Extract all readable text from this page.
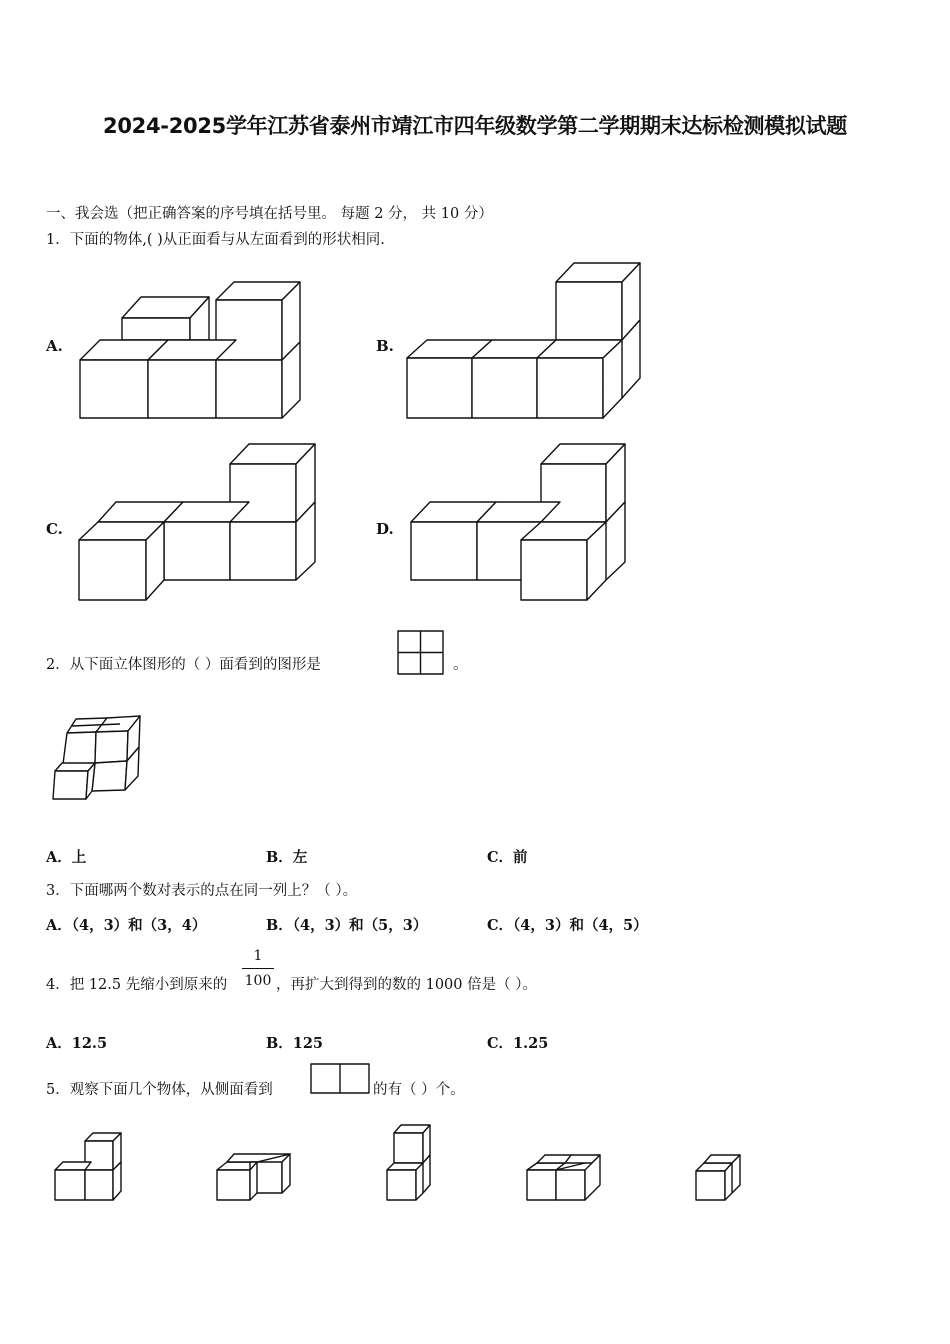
2024-2025学年江苏省泰州市靖江市四年级数学第二学期期末达标检测模拟试题
一、我会选（把正确答案的序号填在括号里。 每题 2 分， 共 10 分）
1．下面的物体,( )从正面看与从左面看到的形状相同.
A.	B.
C.	D.
2．从下面立体图形的（ ）面看到的图形是	。
A．上	B．左	C．前
3．下面哪两个数对表示的点在同一列上？（ ）。
A．（4，3）和（3，4）	B．（4，3）和（5，3）	C．（4，3）和（4，5）
4．把 12.5 先缩小到原来的 $\frac{1}{100}$ ，再扩大到得到的数的 1000 倍是（ ）。
A．12.5	B．125	C．1.25
5．观察下面几个物体，从侧面看到	的有（ ）个。
